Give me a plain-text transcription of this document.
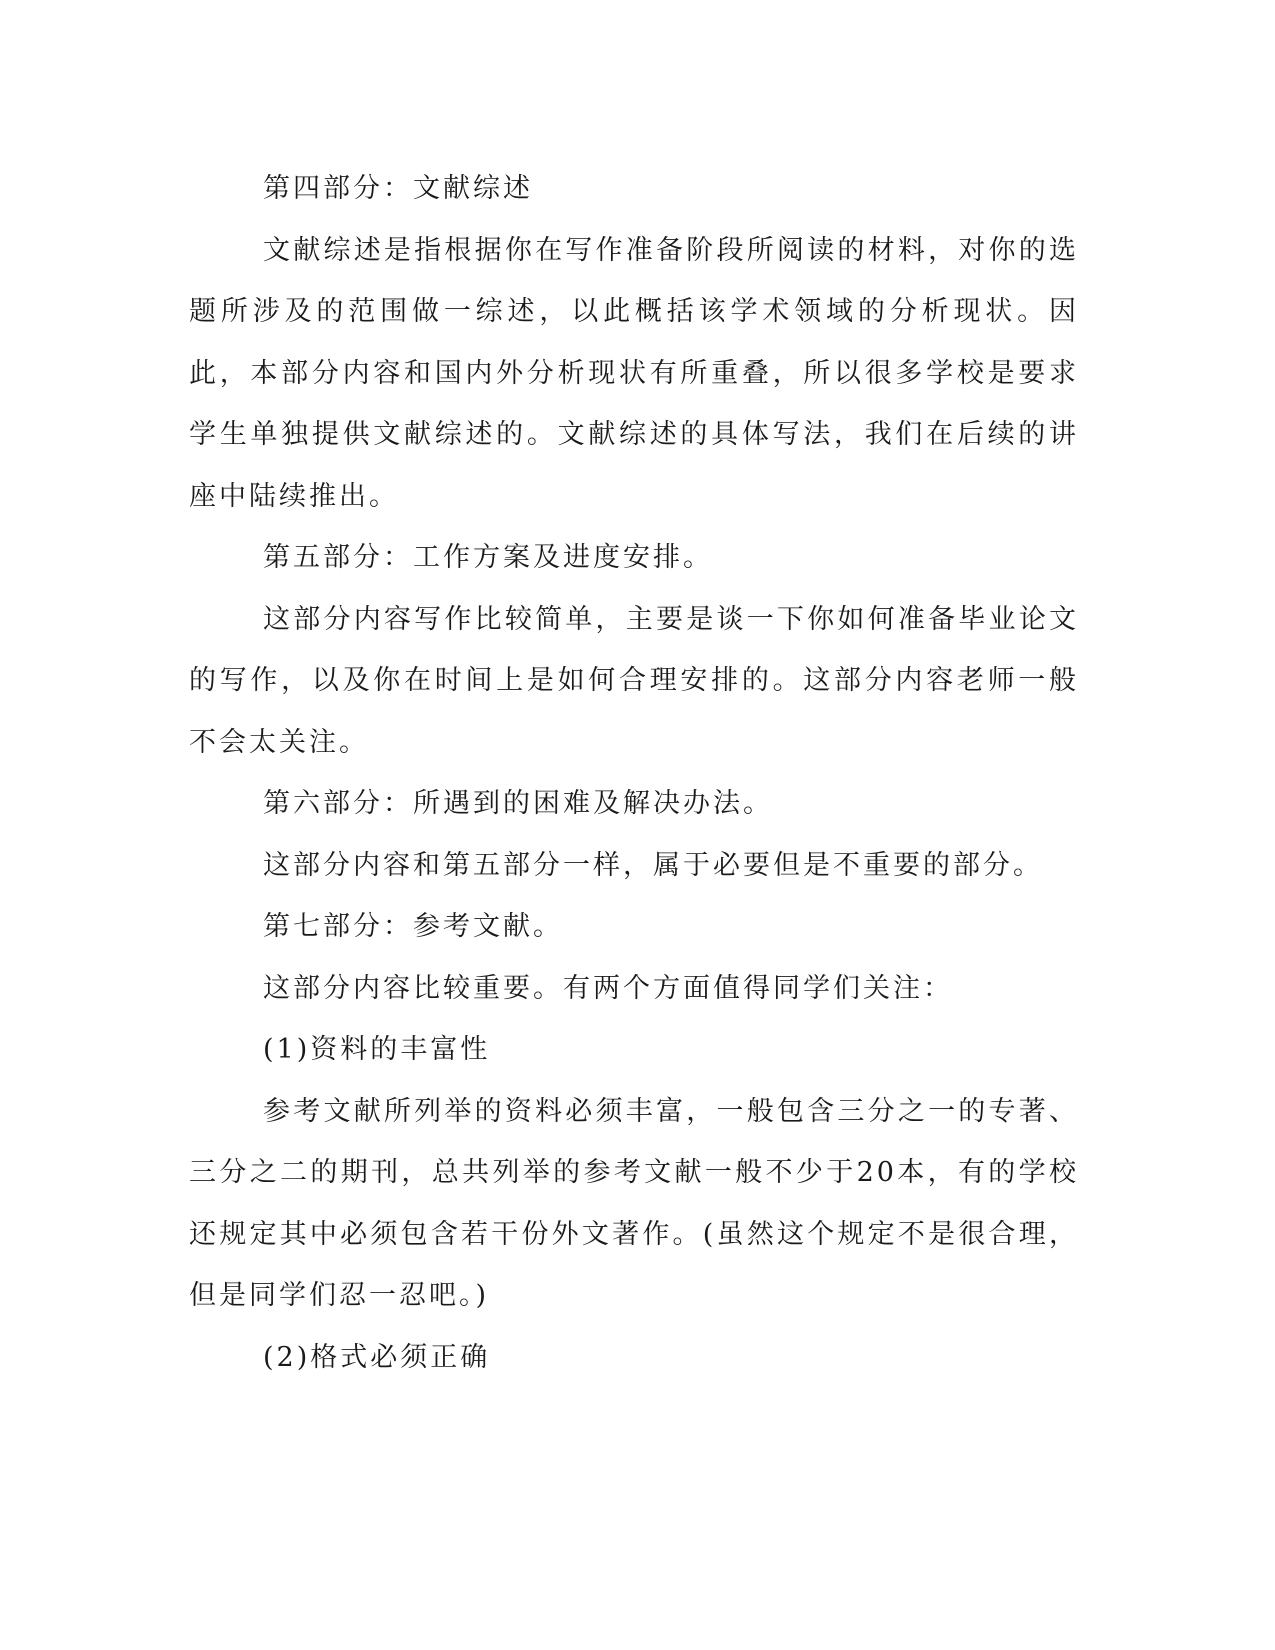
第四部分：文献综述

文献综述是指根据你在写作准备阶段所阅读的材料，对你的选题所涉及的范围做一综述，以此概括该学术领域的分析现状。因此，本部分内容和国内外分析现状有所重叠，所以很多学校是要求学生单独提供文献综述的。文献综述的具体写法，我们在后续的讲座中陆续推出。

第五部分：工作方案及进度安排。

这部分内容写作比较简单，主要是谈一下你如何准备毕业论文的写作，以及你在时间上是如何合理安排的。这部分内容老师一般不会太关注。

第六部分：所遇到的困难及解决办法。

这部分内容和第五部分一样，属于必要但是不重要的部分。

第七部分：参考文献。

这部分内容比较重要。有两个方面值得同学们关注：

(1)资料的丰富性

参考文献所列举的资料必须丰富，一般包含三分之一的专著、三分之二的期刊，总共列举的参考文献一般不少于20本，有的学校还规定其中必须包含若干份外文著作。(虽然这个规定不是很合理，但是同学们忍一忍吧。)

(2)格式必须正确
